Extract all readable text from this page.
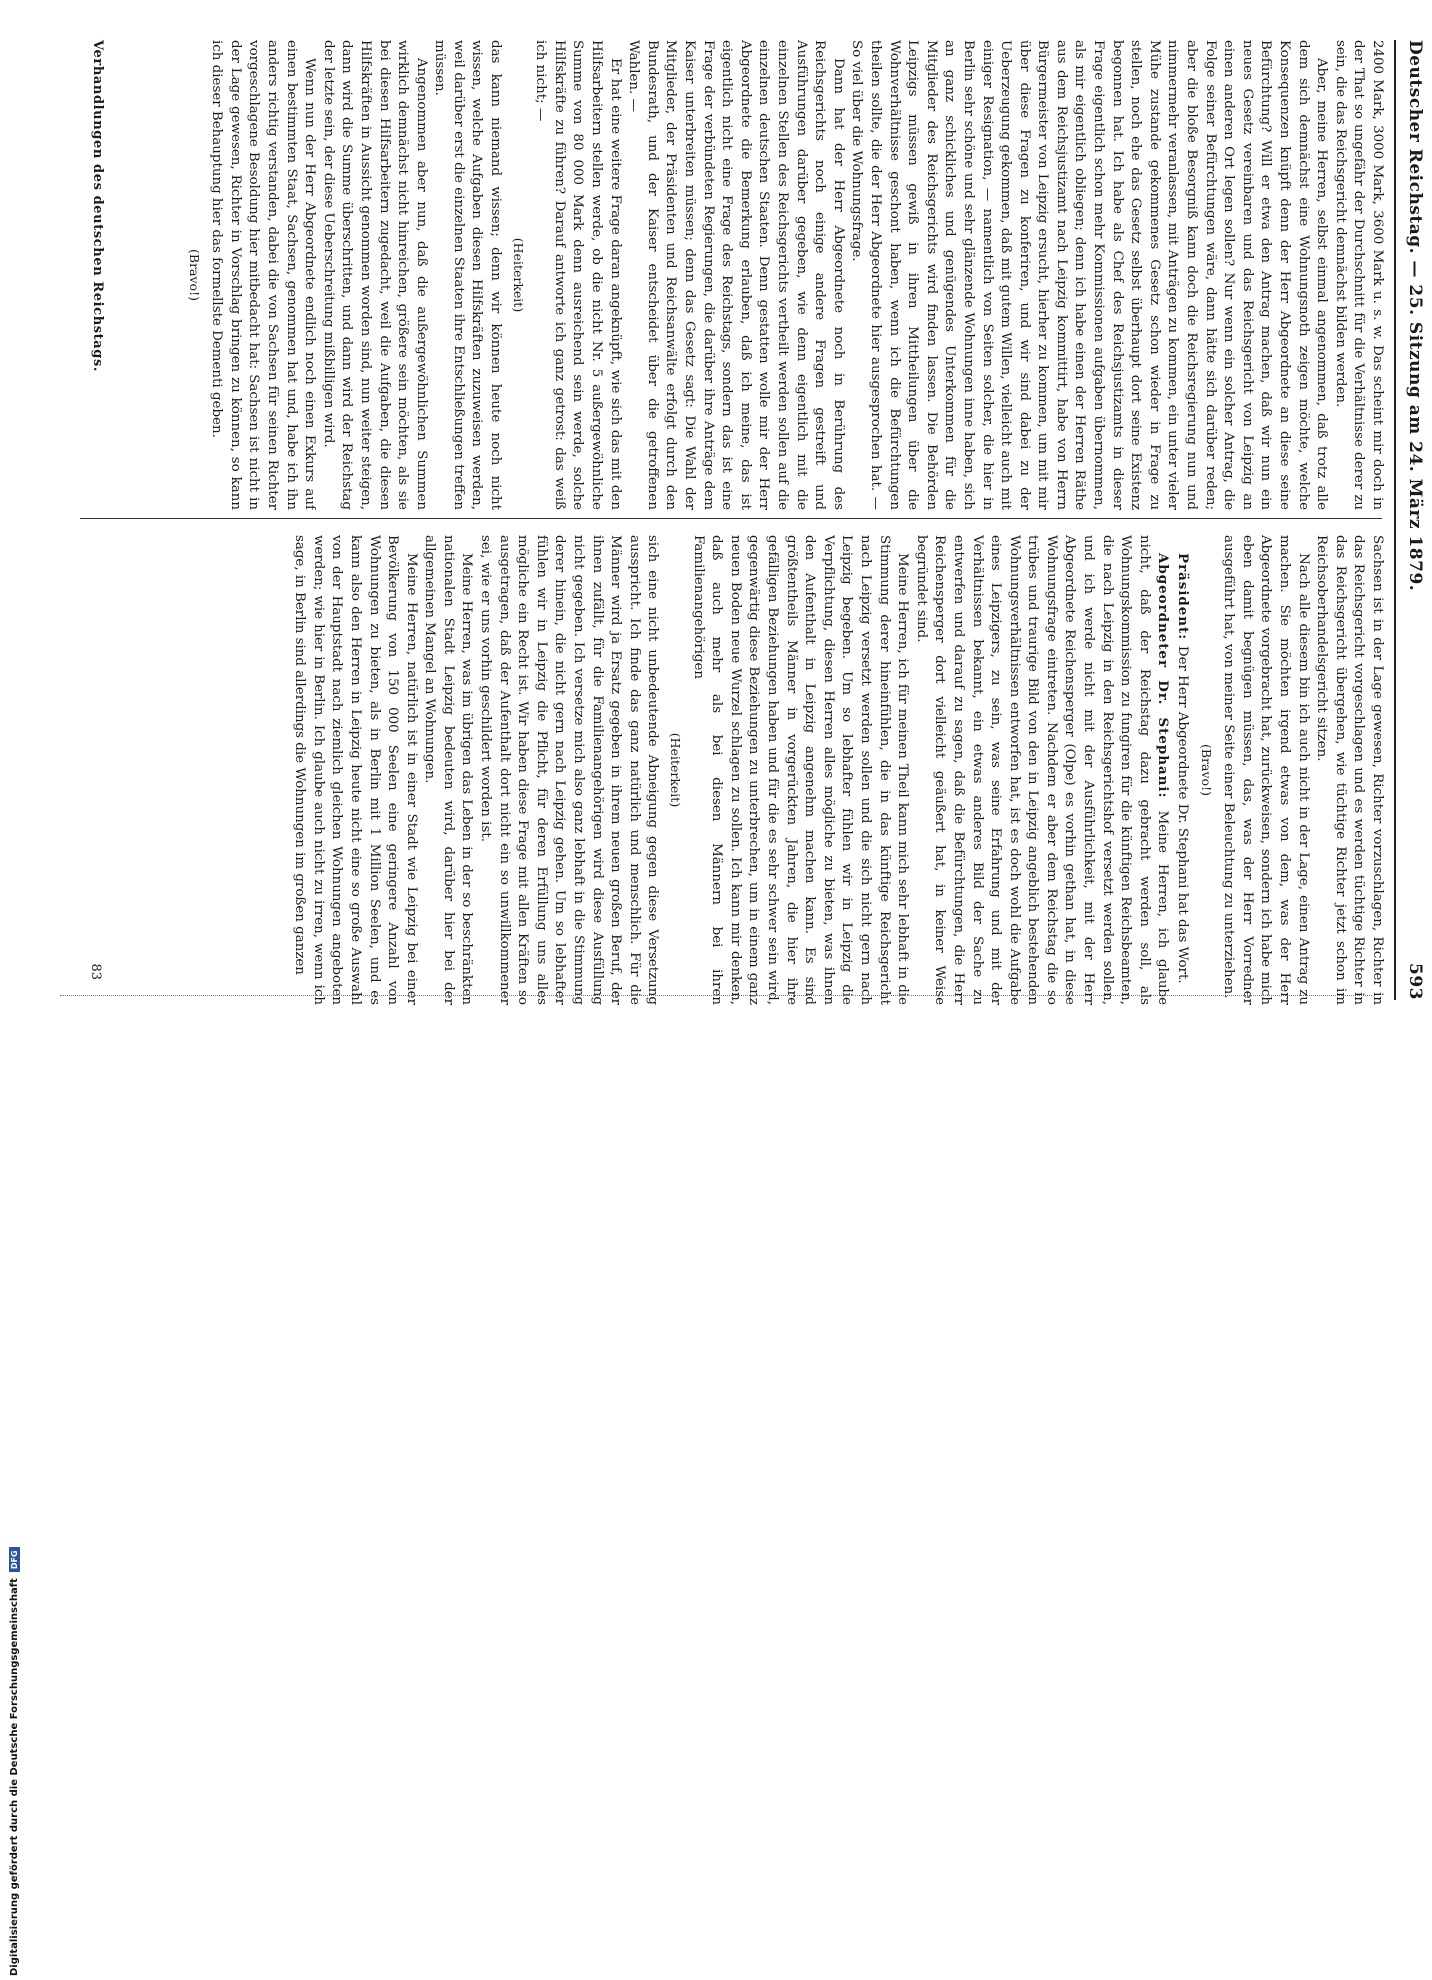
Deutscher Reichstag. — 25. Sitzung am 24. März 1879.
593

2400 Mark, 3000 Mark, 3600 Mark u. s. w. Das scheint mir doch in der That so ungefähr der Durchschnitt für die Verhältnisse derer zu sein, die das Reichsgericht demnächst bilden werden.

Aber, meine Herren, selbst einmal angenommen, daß trotz alle dem sich demnächst eine Wohnungsnoth zeigen möchte, welche Konsequenzen knüpft denn der Herr Abgeordnete an diese seine Befürchtung? Will er etwa den Antrag machen, daß wir nun ein neues Gesetz vereinbaren und das Reichsgericht von Leipzig an einen anderen Ort legen sollen? Nur wenn ein solcher Antrag, die Folge seiner Befürchtungen wäre, dann hätte sich darüber reden; aber die bloße Besorgniß kann doch die Reichsregierung nun und nimmermehr veranlassen, mit Anträgen zu kommen, ein unter vieler Mühe zustande gekommenes Gesetz schon wieder in Frage zu stellen, noch ehe das Gesetz selbst überhaupt dort seine Existenz begonnen hat. Ich habe als Chef des Reichsjustizamts in dieser Frage eigentlich schon mehr Kommissionen aufgaben übernommen, als mir eigentlich obliegen; denn ich habe einen der Herren Räthe aus dem Reichsjustizamt nach Leipzig kommittirt, habe von Herrn Bürgermeister von Leipzig ersucht, hierher zu kommen, um mit mir über diese Fragen zu konferiren, und wir sind dabei zu der Ueberzeugung gekommen, daß mit gutem Willen, vielleicht auch mit einiger Resignation, — namentlich von Seiten solcher, die hier in Berlin sehr schöne und sehr glänzende Wohnungen inne haben, sich an ganz schickliches und genügendes Unterkommen für die Mitglieder des Reichsgerichts wird finden lassen. Die Behörden Leipzigs müssen gewiß in ihren Mittheilungen über die Wohnverhältnisse geschont haben, wenn ich die Befürchtungen theilen sollte, die der Herr Abgeordnete hier ausgesprochen hat. — So viel über die Wohnungsfrage.

Dann hat der Herr Abgeordnete noch in Berührung des Reichsgerichts noch einige andere Fragen gestreift und Ausführungen darüber gegeben, wie denn eigentlich mit die einzelnen Stellen des Reichsgerichts vertheilt werden sollen auf die einzelnen deutschen Staaten. Denn gestatten wolle mir der Herr Abgeordnete die Bemerkung erlauben, daß ich meine, das ist eigentlich nicht eine Frage des Reichstags, sondern das ist eine Frage der verbündeten Regierungen, die darüber ihre Anträge dem Kaiser unterbreiten müssen; denn das Gesetz sagt: Die Wahl der Mitglieder, der Präsidenten und Reichsanwälte erfolgt durch den Bundesrath, und der Kaiser entscheidet über die getroffenen Wahlen. —

Er hat eine weitere Frage daran angeknüpft, wie sich das mit den Hilfsarbeitern stellen werde, ob die nicht Nr. 5 außergewöhnliche Summe von 80 000 Mark denn ausreichend sein werde, solche Hilfskräfte zu führen? Darauf antworte ich ganz getrost: das weiß ich nicht; —

(Heiterkeit)

das kann niemand wissen; denn wir können heute noch nicht wissen, welche Aufgaben diesen Hilfskräften zuzuweisen werden, weil darüber erst die einzelnen Staaten ihre Entschließungen treffen müssen.

Angenommen aber nun, daß die außergewöhnlichen Summen wirklich demnächst nicht hinreichen, größere sein möchten, als sie bei diesen Hilfsarbeitern zugedacht, weil die Aufgaben, die diesen Hilfskräften in Aussicht genommen worden sind, nun weiter steigen, dann wird die Summe überschritten, und dann wird der Reichstag der letzte sein, der diese Ueberschreitung mißbilligen wird.

Wenn nun der Herr Abgeordnete endlich noch einen Exkurs auf einen bestimmten Staat, Sachsen, genommen hat und, habe ich ihn anders richtig verstanden, dabei die von Sachsen für seinen Richter vorgeschlagene Besoldung hier mitbedacht hat: Sachsen ist nicht in der Lage gewesen, Richter in Vorschlag bringen zu können, so kann ich dieser Behauptung hier das formellste Dementi geben.

(Bravo!)

Sachsen ist in der Lage gewesen, Richter vorzuschlagen, Richter in das Reichsgericht vorgeschlagen und es werden tüchtige Richter in das Reichsgericht übergehen, wie tüchtige Richter jetzt schon im Reichsoberhandelsgericht sitzen.

Nach alle diesem bin ich auch nicht in der Lage, einen Antrag zu machen. Sie möchten irgend etwas von dem, was der Herr Abgeordnete vorgebracht hat, zurückweisen, sondern ich habe mich eben damit begnügen müssen, das, was der Herr Vorredner ausgeführt hat, von meiner Seite einer Beleuchtung zu unterziehen.

(Bravo!)

Präsident: Der Herr Abgeordnete Dr. Stephani hat das Wort.

Abgeordneter Dr. Stephani: Meine Herren, ich glaube nicht, daß der Reichstag dazu gebracht werden soll, als Wohnungskommission zu fungiren für die künftigen Reichsbeamten, die nach Leipzig in den Reichsgerichtshof versetzt werden sollen, und ich werde nicht mit der Ausführlichkeit, mit der Herr Abgeordnete Reichensperger (Olpe) es vorhin gethan hat, in diese Wohnungsfrage eintreten. Nachdem er aber dem Reichstag die so trübes und traurige Bild von den in Leipzig angeblich bestehenden Wohnungsverhältnissen entworfen hat, ist es doch wohl die Aufgabe eines Leipzigers, zu sein, was seine Erfahrung und mit der Verhältnissen bekannt, ein etwas anderes Bild der Sache zu entwerfen und darauf zu sagen, daß die Befürchtungen, die Herr Reichensperger dort vielleicht geäußert hat, in keiner Weise begründet sind.

Meine Herren, ich für meinen Theil kann mich sehr lebhaft in die Stimmung derer hineinfühlen, die in das künftige Reichsgericht nach Leipzig versetzt werden sollen und die sich nicht gern nach Leipzig begeben. Um so lebhafter fühlen wir in Leipzig die Verpflichtung, diesen Herren alles mögliche zu bieten, was ihnen den Aufenthalt in Leipzig angenehm machen kann. Es sind größtentheils Männer in vorgerückten Jahren, die hier ihre gefälligen Beziehungen haben und für die es sehr schwer sein wird, gegenwärtig diese Beziehungen zu unterbrechen, um in einem ganz neuen Boden neue Wurzel schlagen zu sollen. Ich kann mir denken, daß auch mehr als bei diesen Männern bei ihren Familienangehörigen

(Heiterkeit)

sich eine nicht unbedeutende Abneigung gegen diese Versetzung ausspricht. Ich finde das ganz natürlich und menschlich. Für die Männer wird ja Ersatz gegeben in ihrem neuen großen Beruf, der ihnen zufällt, für die Familienangehörigen wird diese Ausfüllung nicht gegeben. Ich versetze mich also ganz lebhaft in die Stimmung derer hinein, die nicht gern nach Leipzig gehen. Um so lebhafter fühlen wir in Leipzig die Pflicht, für deren Erfüllung uns alles mögliche ein Recht ist. Wir haben diese Frage mit allen Kräften so ausgetragen, daß der Aufenthalt dort nicht ein so unwillkommener sei, wie er uns vorhin geschildert worden ist.

Meine Herren, was im übrigen das Leben in der so beschränkten nationalen Stadt Leipzig bedeuten wird, darüber hier bei der allgemeinen Mangel an Wohnungen.

Meine Herren, natürlich ist in einer Stadt wie Leipzig bei einer Bevölkerung von 150 000 Seelen eine geringere Anzahl von Wohnungen zu bieten, als in Berlin mit 1 Million Seelen, und es kann also den Herren in Leipzig heute nicht eine so große Auswahl von der Hauptstadt nach ziemlich gleichen Wohnungen angeboten werden; wie hier in Berlin. Ich glaube auch nicht zu irren, wenn ich sage, in Berlin sind allerdings die Wohnungen im großen ganzen

Verhandlungen des deutschen Reichstags.
83
Digitalisierung gefördert durch die Deutsche Forschungsgemeinschaft
DFG
